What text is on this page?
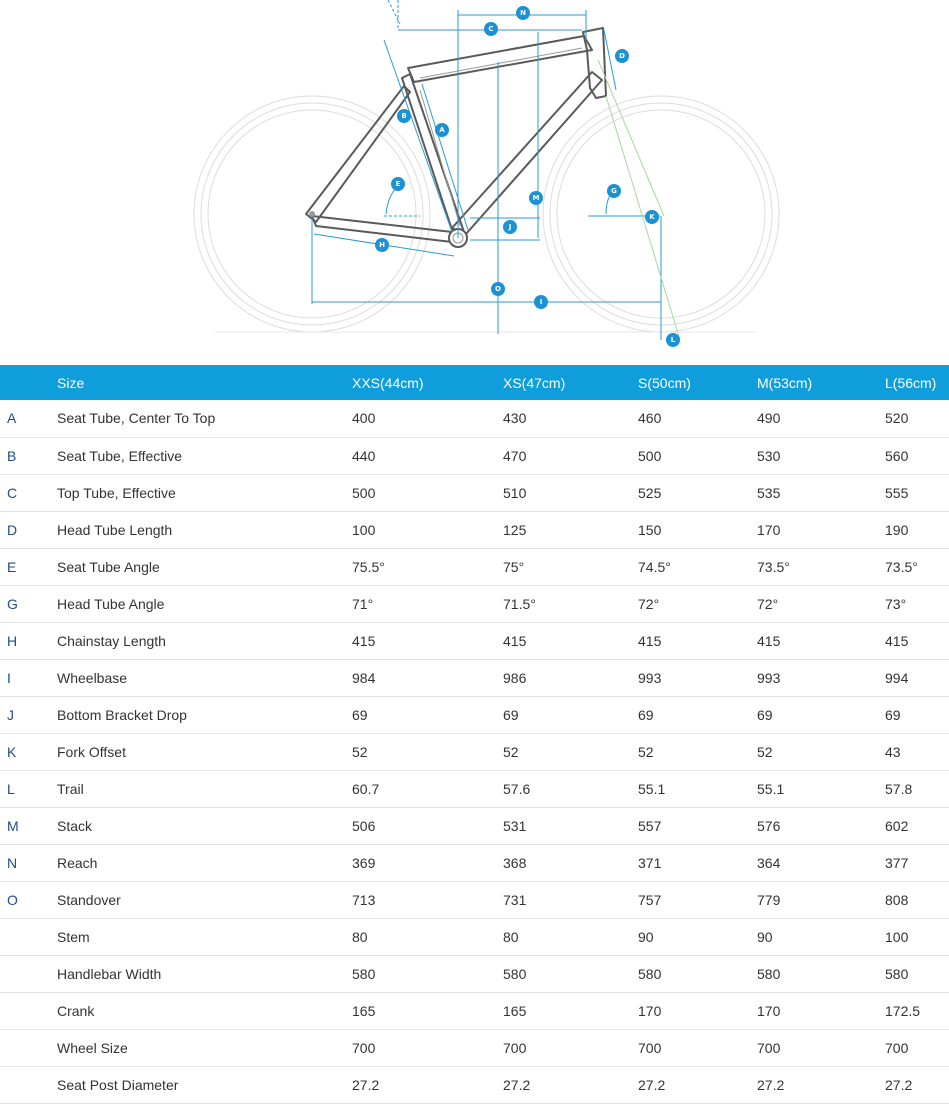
N
C
D
B
A
E
M
G
K
J
H
O
I
L
	Size	XXS(44cm)	XS(47cm)	S(50cm)	M(53cm)	L(56cm)
A	Seat Tube, Center To Top	400	430	460	490	520
B	Seat Tube, Effective	440	470	500	530	560
C	Top Tube, Effective	500	510	525	535	555
D	Head Tube Length	100	125	150	170	190
E	Seat Tube Angle	75.5°	75°	74.5°	73.5°	73.5°
G	Head Tube Angle	71°	71.5°	72°	72°	73°
H	Chainstay Length	415	415	415	415	415
I	Wheelbase	984	986	993	993	994
J	Bottom Bracket Drop	69	69	69	69	69
K	Fork Offset	52	52	52	52	43
L	Trail	60.7	57.6	55.1	55.1	57.8
M	Stack	506	531	557	576	602
N	Reach	369	368	371	364	377
O	Standover	713	731	757	779	808
	Stem	80	80	90	90	100
	Handlebar Width	580	580	580	580	580
	Crank	165	165	170	170	172.5
	Wheel Size	700	700	700	700	700
	Seat Post Diameter	27.2	27.2	27.2	27.2	27.2
